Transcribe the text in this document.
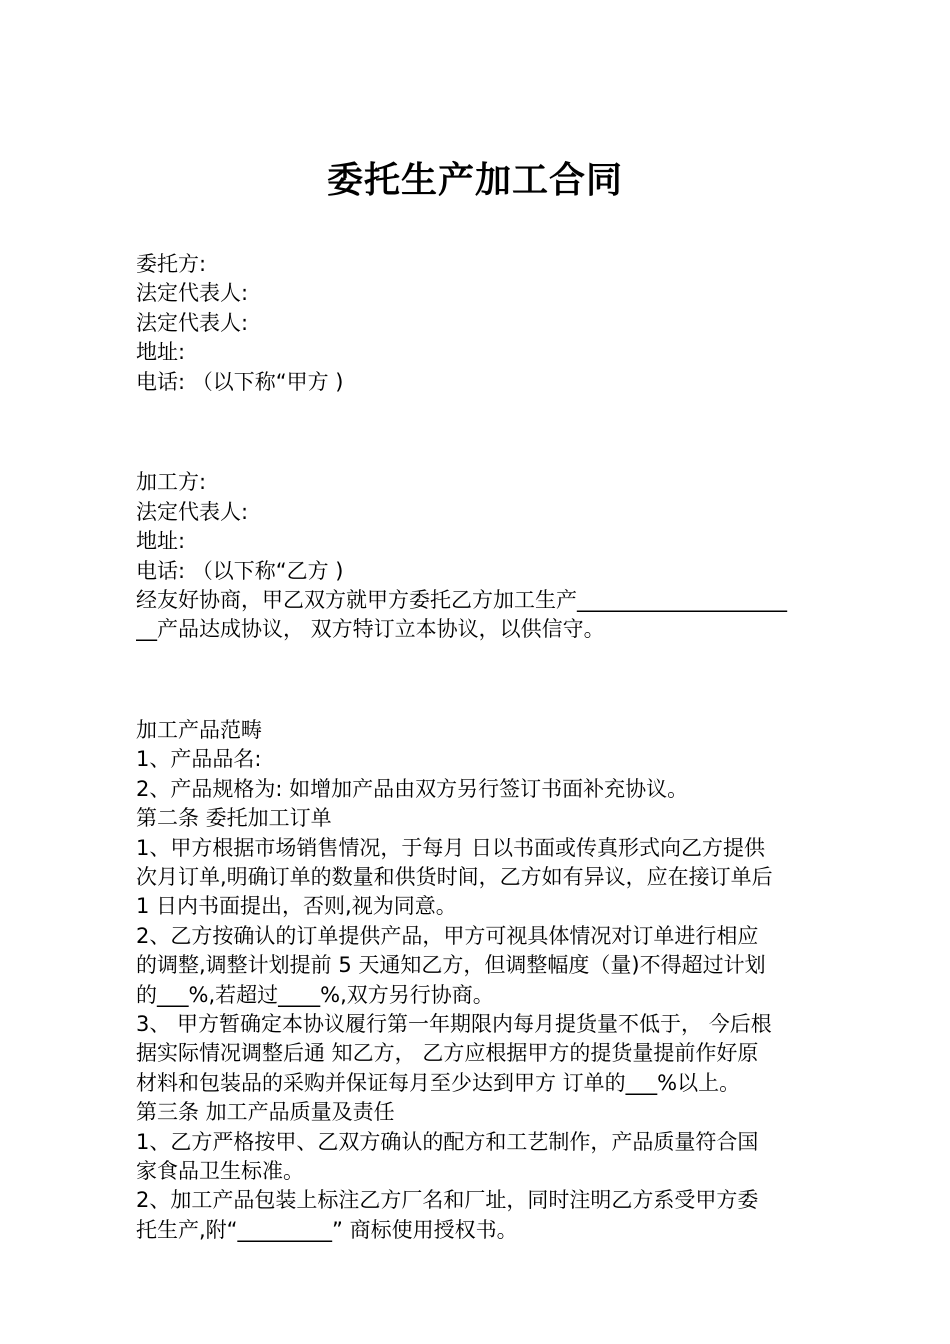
委托生产加工合同

委托方:

法定代表人:

法定代表人:

地址:

电话: （以下称“甲方 )

加工方:

法定代表人:

地址:

电话: （以下称“乙方 )

经友好协商，甲乙双方就甲方委托乙方加工生产____________________

__产品达成协议， 双方特订立本协议，以供信守。

加工产品范畴

1、产品品名:

2、产品规格为: 如增加产品由双方另行签订书面补充协议。

第二条 委托加工订单

1、甲方根据市场销售情况，于每月 日以书面或传真形式向乙方提供

次月订单,明确订单的数量和供货时间，乙方如有异议，应在接订单后

1 日内书面提出，否则,视为同意。

2、乙方按确认的订单提供产品，甲方可视具体情况对订单进行相应

的调整,调整计划提前 5 天通知乙方，但调整幅度（量)不得超过计划

的___%,若超过____%,双方另行协商。

3、 甲方暂确定本协议履行第一年期限内每月提货量不低于， 今后根

据实际情况调整后通 知乙方， 乙方应根据甲方的提货量提前作好原

材料和包装品的采购并保证每月至少达到甲方 订单的___%以上。

第三条 加工产品质量及责任

1、乙方严格按甲、乙双方确认的配方和工艺制作，产品质量符合国

家食品卫生标准。

2、加工产品包装上标注乙方厂名和厂址，同时注明乙方系受甲方委

托生产,附“_________” 商标使用授权书。
